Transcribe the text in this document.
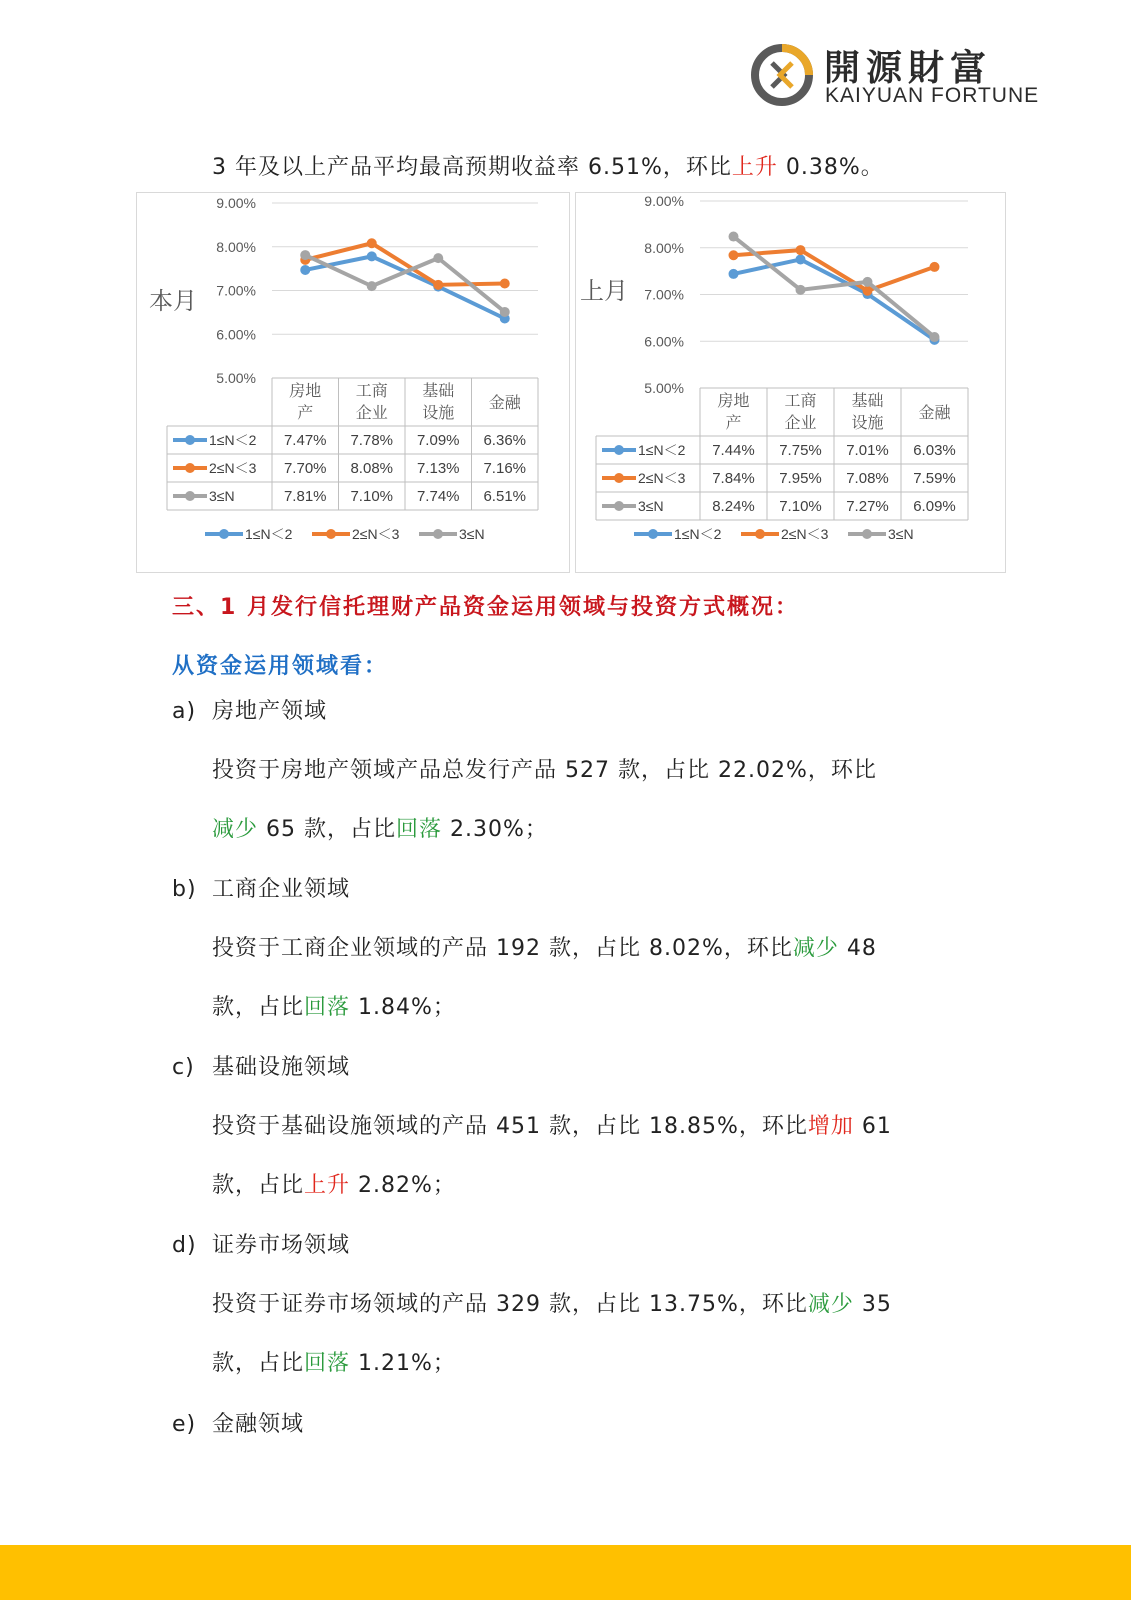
開源財富
KAIYUAN FORTUNE
3 年及以上产品平均最高预期收益率 6.51%，环比上升 0.38%。
本月
9.00%
8.00%
7.00%
6.00%
5.00%
房地
产
工商
企业
基础
设施
金融
1≤N＜2 7.47% 7.78% 7.09% 6.36%
2≤N＜3 7.70% 8.08% 7.13% 7.16%
3≤N	7.81% 7.10% 7.74% 6.51%
1≤N＜2	2≤N＜3	3≤N
上月
9.00%
8.00%
7.00%
6.00%
5.00%
房地
产
工商
企业
基础
设施
金融
1≤N＜2 7.44% 7.75% 7.01% 6.03%
2≤N＜3 7.84% 7.95% 7.08% 7.59%
3≤N	8.24% 7.10% 7.27% 6.09%
1≤N＜2	2≤N＜3	3≤N
三、1 月发行信托理财产品资金运用领域与投资方式概况：
从资金运用领域看：
a) 房地产领域
投资于房地产领域产品总发行产品 527 款，占比 22.02%，环比
减少 65 款，占比回落 2.30%；
b) 工商企业领域
投资于工商企业领域的产品 192 款，占比 8.02%，环比减少 48
款，占比回落 1.84%；
c) 基础设施领域
投资于基础设施领域的产品 451 款，占比 18.85%，环比增加 61
款，占比上升 2.82%；
d) 证券市场领域
投资于证券市场领域的产品 329 款，占比 13.75%，环比减少 35
款，占比回落 1.21%；
e) 金融领域
